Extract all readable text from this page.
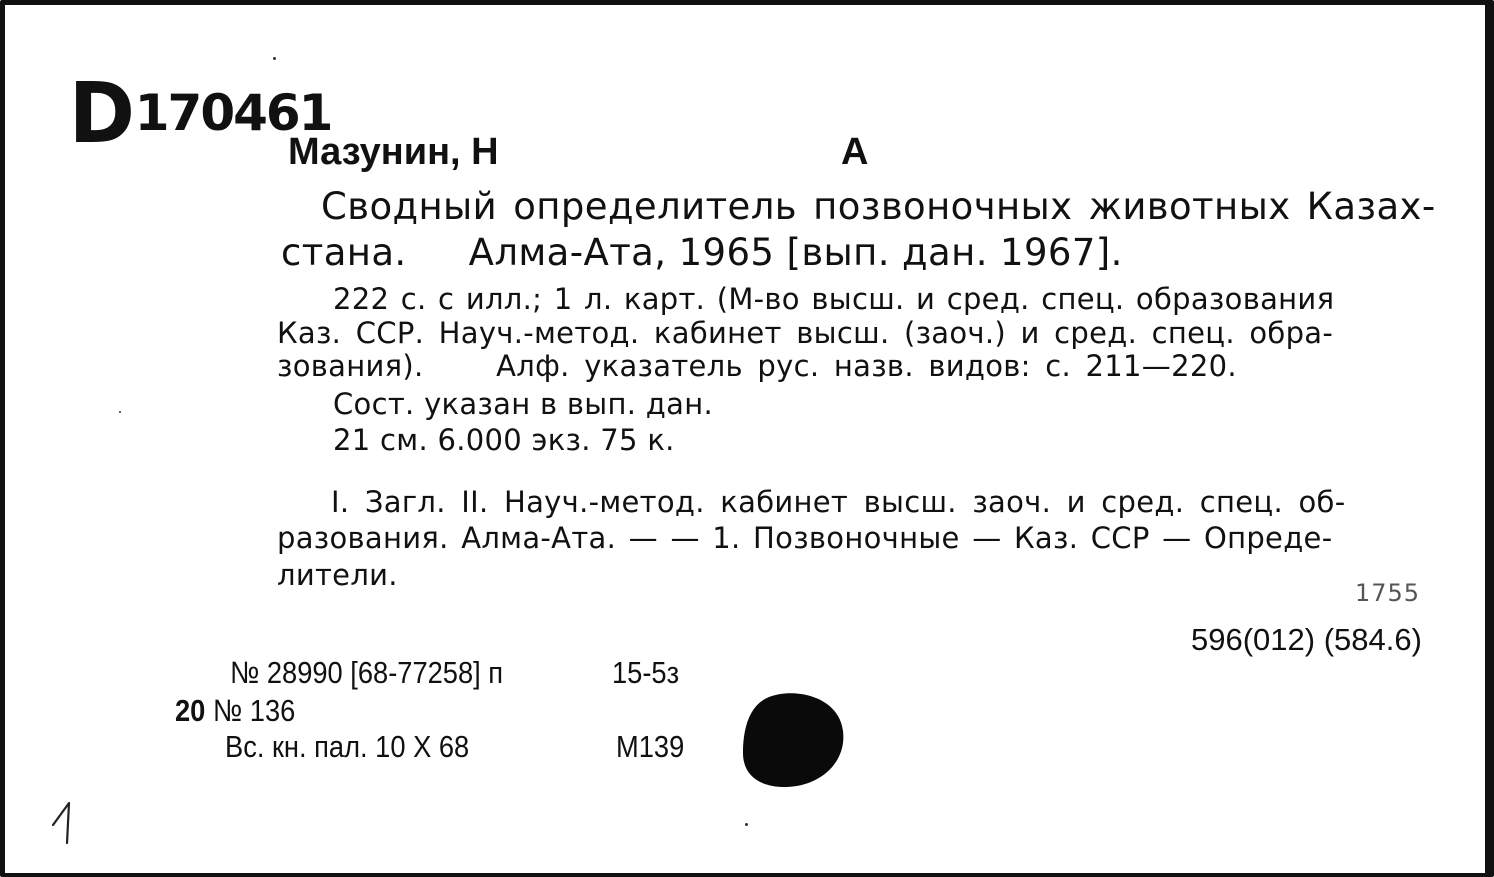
D170461
Мазунин, Н	А
Сводный определитель позвоночных животных Казах-
стана. Алма-Ата, 1965 [вып. дан. 1967].
222 с. с илл.; 1 л. карт. (М-во высш. и сред. спец. образования
Каз. ССР. Науч.-метод. кабинет высш. (заоч.) и сред. спец. обра-
зования).     Алф. указатель рус. назв. видов: с. 211—220.
Сост. указан в вып. дан.
21 см. 6.000 экз. 75 к.
I. Загл. II. Науч.-метод. кабинет высш. заоч. и сред. спец. об-
разования. Алма-Ата. — — 1. Позвоночные — Каз. ССР — Опреде-
лители.
1755
596(012) (584.6)
№ 28990 [68-77258] п	15-5з
20 № 136
Вс. кн. пал. 10 X 68	М139
